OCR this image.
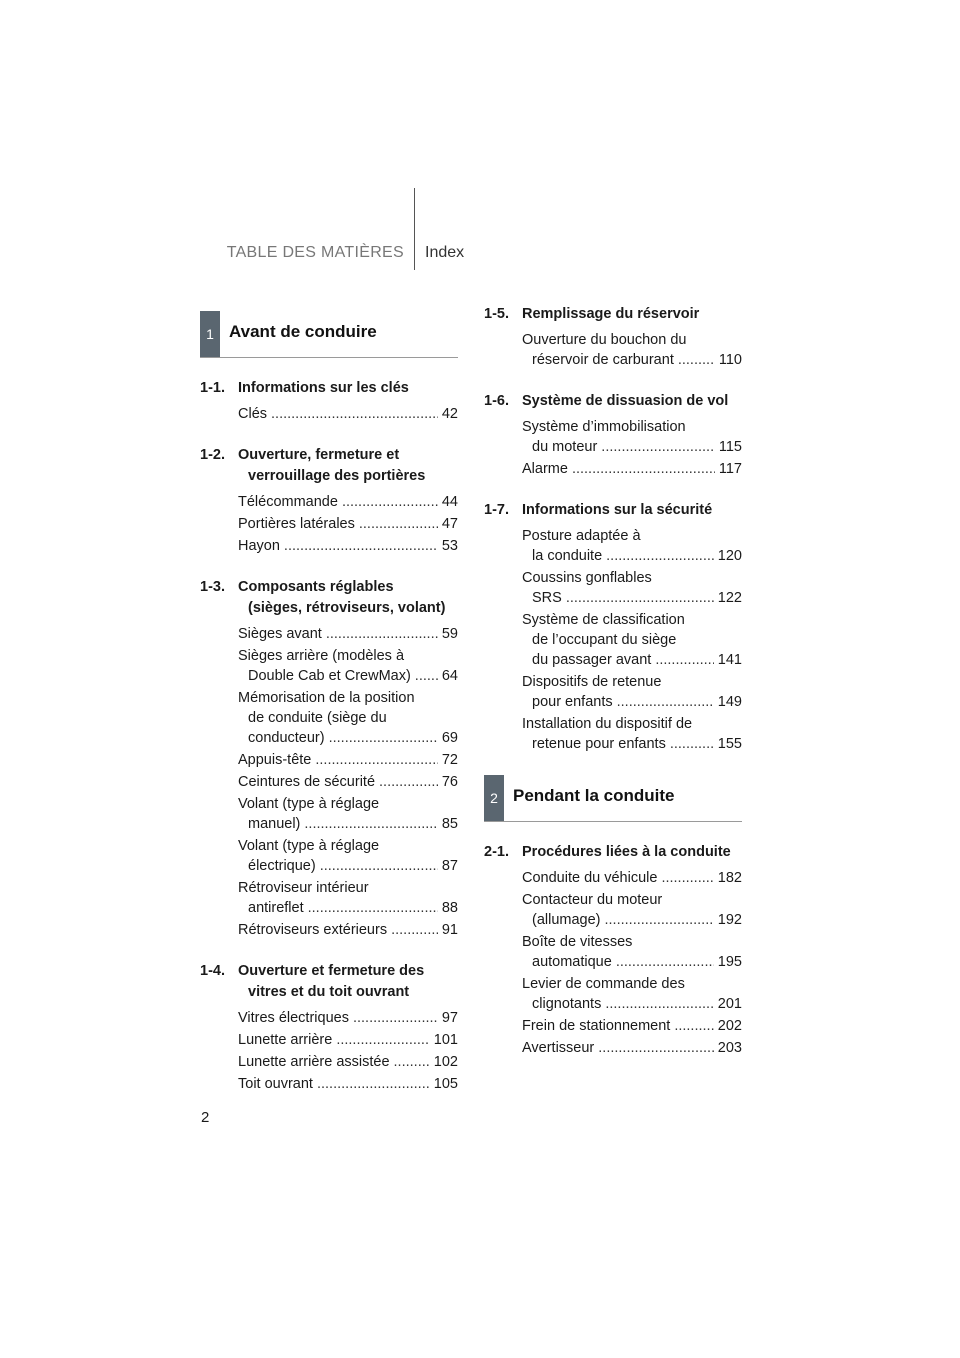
TABLE DES MATIÈRES Index
1 Avant de conduire
1-1. Informations sur les clés
Clés .....	42
1-2. Ouverture, fermeture et
verrouillage des portières
Télécommande .....	44
Portières latérales .....	47
Hayon .....	53
1-3. Composants réglables
(sièges, rétroviseurs, volant)
Sièges avant .....	59
Sièges arrière (modèles à
Double Cab et CrewMax) ..... 64
Mémorisation de la position
de conduite (siège du
conducteur) .....	69
Appuis-tête .....	72
Ceintures de sécurité .....	76
Volant (type à réglage
manuel) .....	85
Volant (type à réglage
électrique) .....	87
Rétroviseur intérieur
antireflet .....	88
Rétroviseurs extérieurs .....	91
1-4. Ouverture et fermeture des
vitres et du toit ouvrant
Vitres électriques .....	97
Lunette arrière .....	101
Lunette arrière assistée .....	102
Toit ouvrant .....	105
1-5. Remplissage du réservoir
Ouverture du bouchon du
réservoir de carburant .....	110
1-6. Système de dissuasion de vol
Système d’immobilisation
du moteur .....	115
Alarme .....	117
1-7. Informations sur la sécurité
Posture adaptée à
la conduite .....	120
Coussins gonflables
SRS .....	122
Système de classification
de l’occupant du siège
du passager avant .....	141
Dispositifs de retenue
pour enfants .....	149
Installation du dispositif de
retenue pour enfants .....	155
2 Pendant la conduite
2-1. Procédures liées à la conduite
Conduite du véhicule .....	182
Contacteur du moteur
(allumage) .....	192
Boîte de vitesses
automatique .....	195
Levier de commande des
clignotants .....	201
Frein de stationnement .....	202
Avertisseur .....	203
2
